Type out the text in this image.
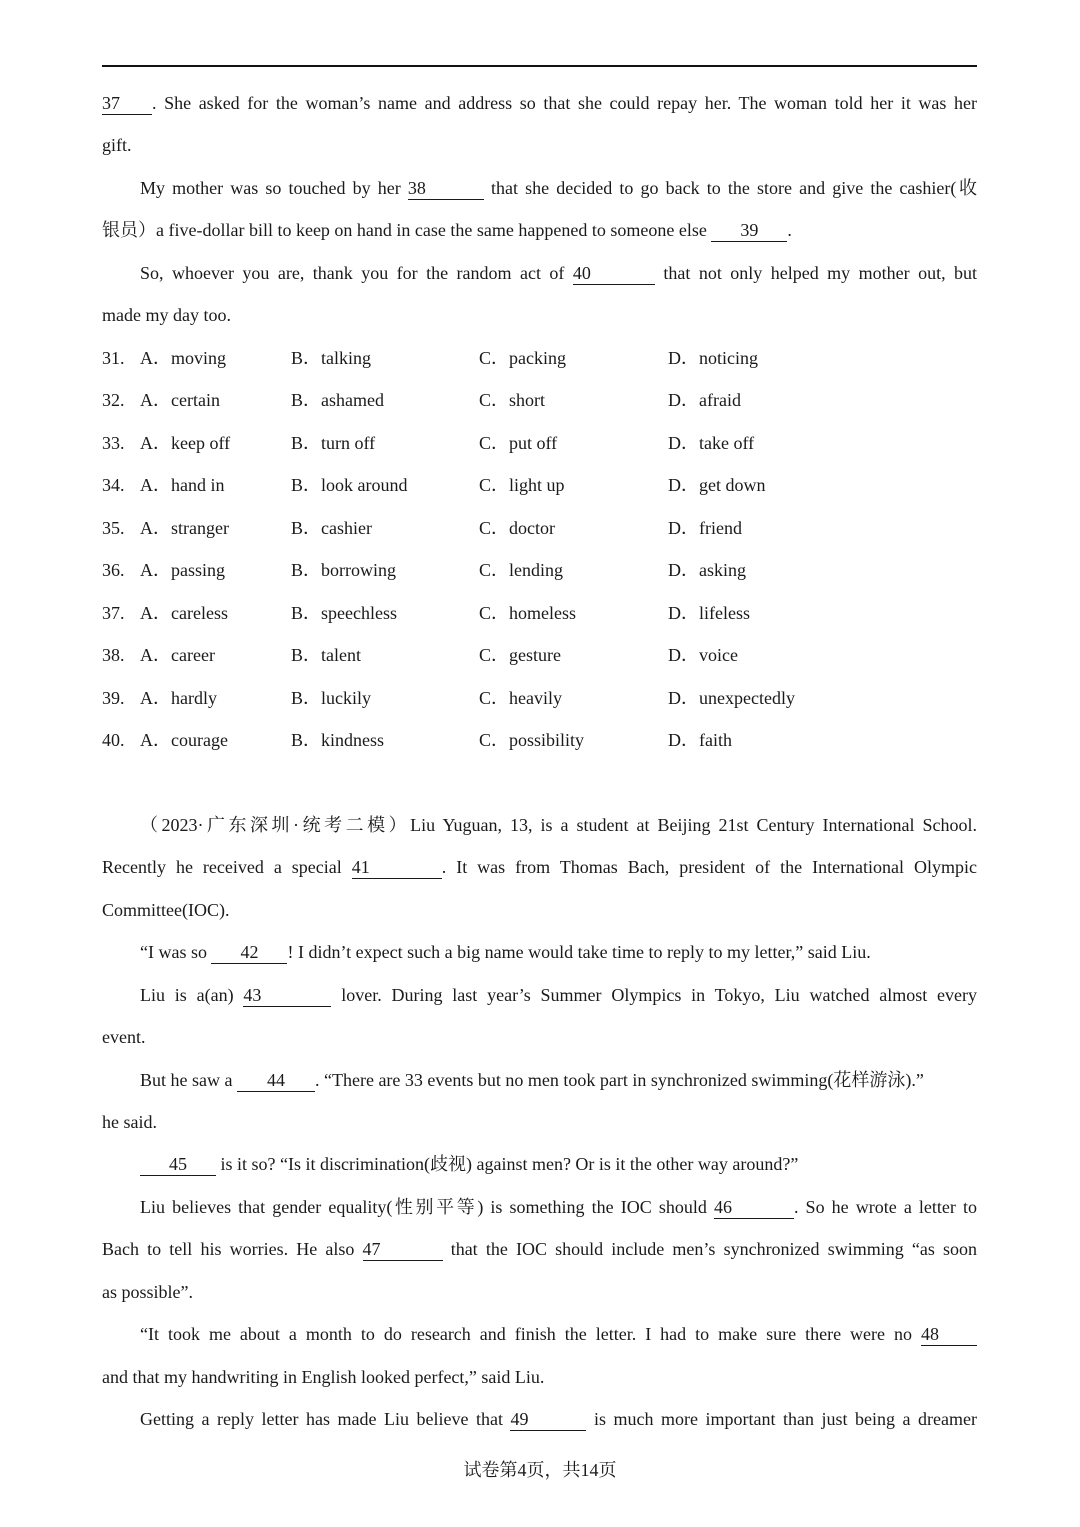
37 . She asked for the woman’s name and address so that she could repay her. The woman told her it was her
gift.
My mother was so touched by her 38	that she decided to go back to the store and give the cashier(收
银员）a five-dollar bill to keep on hand in case the same happened to someone else 39 .
So, whoever you are, thank you for the random act of 40	that not only helped my mother out, but
made my day too.
31. A．moving	B．talking	C．packing	D．noticing
32. A．certain	B．ashamed	C．short	D．afraid
33. A．keep off	B．turn off	C．put off	D．take off
34. A．hand in	B．look around	C．light up	D．get down
35. A．stranger	B．cashier	C．doctor	D．friend
36. A．passing	B．borrowing	C．lending	D．asking
37. A．careless	B．speechless	C．homeless	D．lifeless
38. A．career	B．talent	C．gesture	D．voice
39. A．hardly	B．luckily	C．heavily	D．unexpectedly
40. A．courage	B．kindness	C．possibility	D．faith
（2023·广东深圳·统考二模）Liu Yuguan, 13, is a student at Beijing 21st Century International School.
Recently he received a special 41	. It was from Thomas Bach, president of the International Olympic
Committee(IOC).
“I was so 42 ! I didn’t expect such a big name would take time to reply to my letter,” said Liu.
Liu is a(an) 43	lover. During last year’s Summer Olympics in Tokyo, Liu watched almost every
event.
But he saw a 44 . “There are 33 events but no men took part in synchronized swimming(花样游泳).”
he said.
45 is it so? “Is it discrimination(歧视) against men? Or is it the other way around?”
Liu believes that gender equality(性别平等) is something the IOC should 46	. So he wrote a letter to
Bach to tell his worries. He also 47	that the IOC should include men’s synchronized swimming “as soon
as possible”.
“It took me about a month to do research and finish the letter. I had to make sure there were no 48
and that my handwriting in English looked perfect,” said Liu.
Getting a reply letter has made Liu believe that 49	is much more important than just being a dreamer
试卷第4页，共14页
